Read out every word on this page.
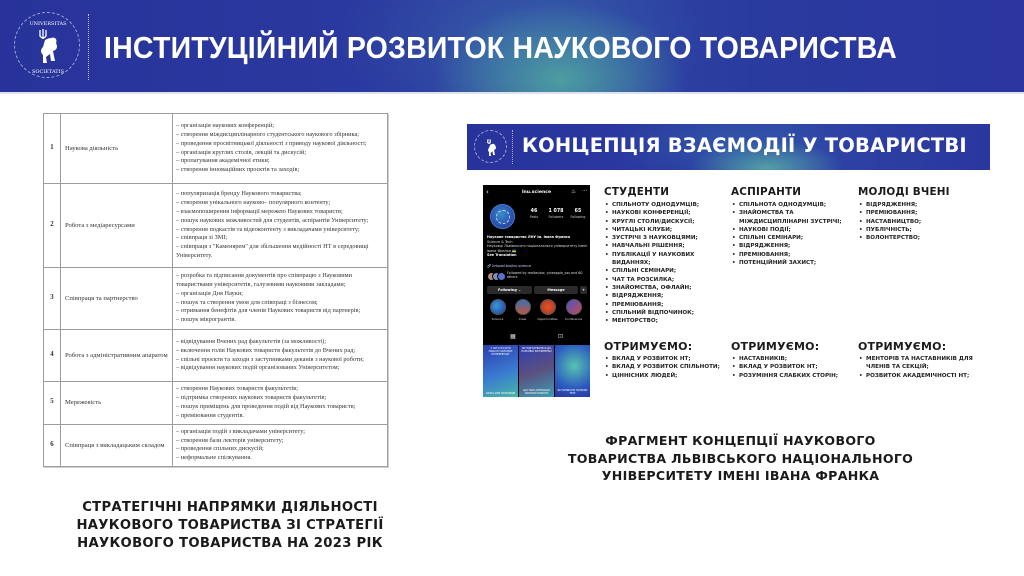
UNIVERSITAS
SOCIETATIS
ІНСТИТУЦІЙНИЙ РОЗВИТОК НАУКОВОГО ТОВАРИСТВА
1	Наукова діяльність	
– організація наукових конференцій;
– створення міждисциплінарного студентського наукового збірника;
– проведення просвітницької діяльності з приводу наукової діяльності;
– організація круглих столів, лекцій та дискусій;
– пропагування академічної етики;
– створення інноваційних проєктів та заходів;

2	Робота з медіаресурсами	
– популяризація бренду Наукового товариства;
– створення унікального науково– популярного контенту;
– взаємопоширення інформації мережею Наукових товариств;
– пошук наукових можливостей для студентів, аспірантів Університету;
– створення подкастів та відеоконтенту з викладачами університету;
– співпраця зі ЗМІ;
– співпраця з "Каменярем" для збільшення медійності НТ в середовищі Університету.

3	Співпраця та партнерство	– розробка та підписання документів про співпрацю з Науковими товариствами університетів, галузевими науковими закладами;
– організація Дня Науки;
– пошук та створення умов для співпраці з бізнесом;
– отримання бенефітів для членів Наукових товариств від партнерів;
– пошук мікрогрантів.

4	Робота з адміністративним апаратом	– відвідування Вчених рад факультетів (за можливості);
– включення голів Наукових товариств факультетів до Вчених рад;
– спільні проєкти та заходи з заступниками деканів з наукової роботи;
– відвідування наукових подій організованих Університетом;

5	Мережевість	– створення Наукових товариств факультетів;
– підтримка створених наукових товариств факультетів;
– пошук приміщень для проведення подій від Наукових товариств;
– преміювання студентів.

6	Співпраця з викладацьким складом	– організація подій з викладачами університету;
– створення бази лекторів університету;
– проведення спільних дискусій;
– неформальне спілкування.
СТРАТЕГІЧНІ НАПРЯМКИ ДІЯЛЬНОСТІ
НАУКОВОГО ТОВАРИСТВА ЗІ СТРАТЕГІЇ
НАУКОВОГО ТОВАРИСТВА НА 2023 РІК
КОНЦЕПЦІЯ ВЗАЄМОДІЇ У ТОВАРИСТВІ
‹	lnu.science	♨ ···
46
Posts
1 078
Followers
65
Following
Наукове товариство ЛНУ ім. Івана Франка
Science & Tech
Науковці Львівського національного університету імені Івана Франка 🇺🇦
See Translation
🔗 linkpad.bio/lnu.science
Followed by realtaslaw, pineapple_sas and 60 others
Following ⌄	Message	+
Science	Crew	Opportunities	Conference
▦	⊡
З ЧОГО ПОЧАТИ ПОДАЧУ НАУКОВОЇ КОНФЕРЕНЦІЇ?
НАУКА ДЛЯ НАУКОВЦІВ
ЯК ПІДГОТУВАТИСЬ ДО НАУКОВОЇ КОНФЕРЕНЦІЇ
ЩО ТАКЕ АПРОБАЦІЯ НАУКОВОЇ РОБОТИ
ЯК НАПИСАТИ НАУКОВУ ТЕЗУ
СТУДЕНТИ
• СПІЛЬНОТУ ОДНОДУМЦІВ;
• НАУКОВІ КОНФЕРЕНЦІЇ;
• КРУГЛІ СТОЛИ/ДИСКУСІЇ;
• ЧИТАЦЬКІ КЛУБИ;
• ЗУСТРІЧІ З НАУКОВЦЯМИ;
• НАВЧАЛЬНІ РІШЕННЯ;
• ПУБЛІКАЦІЇ У НАУКОВИХ ВИДАННЯХ;
• СПІЛЬНІ СЕМІНАРИ;
• ЧАТ ТА РОЗСИЛКА;
• ЗНАЙОМСТВА, ОФЛАЙН;
• ВІДРЯДЖЕННЯ;
• ПРЕМІЮВАННЯ;
• СПІЛЬНИЙ ВІДПОЧИНОК;
• МЕНТОРСТВО;
АСПІРАНТИ
• СПІЛЬНОТА ОДНОДУМЦІВ;
• ЗНАЙОМСТВА ТА МІЖДИСЦИПЛІНАРНІ ЗУСТРІЧІ;
• НАУКОВІ ПОДІЇ;
• СПІЛЬНІ СЕМІНАРИ;
• ВІДРЯДЖЕННЯ;
• ПРЕМІЮВАННЯ;
• ПОТЕНЦІЙНИЙ ЗАХИСТ;
МОЛОДІ ВЧЕНІ
• ВІДРЯДЖЕННЯ;
• ПРЕМІЮВАННЯ;
• НАСТАВНИЦТВО;
• ПУБЛІЧНІСТЬ;
• ВОЛОНТЕРСТВО;
ОТРИМУЄМО:
• ВКЛАД У РОЗВИТОК НТ;
• ВКЛАД У РОЗВИТОК СПІЛЬНОТИ;
• ЦІННІСНИХ ЛЮДЕЙ;
ОТРИМУЄМО:
• НАСТАВНИКІВ;
• ВКЛАД У РОЗВИТОК НТ;
• РОЗУМІННЯ СЛАБКИХ СТОРІН;
ОТРИМУЄМО:
• МЕНТОРІВ ТА НАСТАВНИКІВ ДЛЯ ЧЛЕНІВ ТА СЕКЦІЙ;
• РОЗВИТОК АКАДЕМІЧНОСТІ НТ;
ФРАГМЕНТ КОНЦЕПЦІЇ НАУКОВОГО
ТОВАРИСТВА ЛЬВІВСЬКОГО НАЦІОНАЛЬНОГО
УНІВЕРСИТЕТУ ІМЕНІ ІВАНА ФРАНКА
